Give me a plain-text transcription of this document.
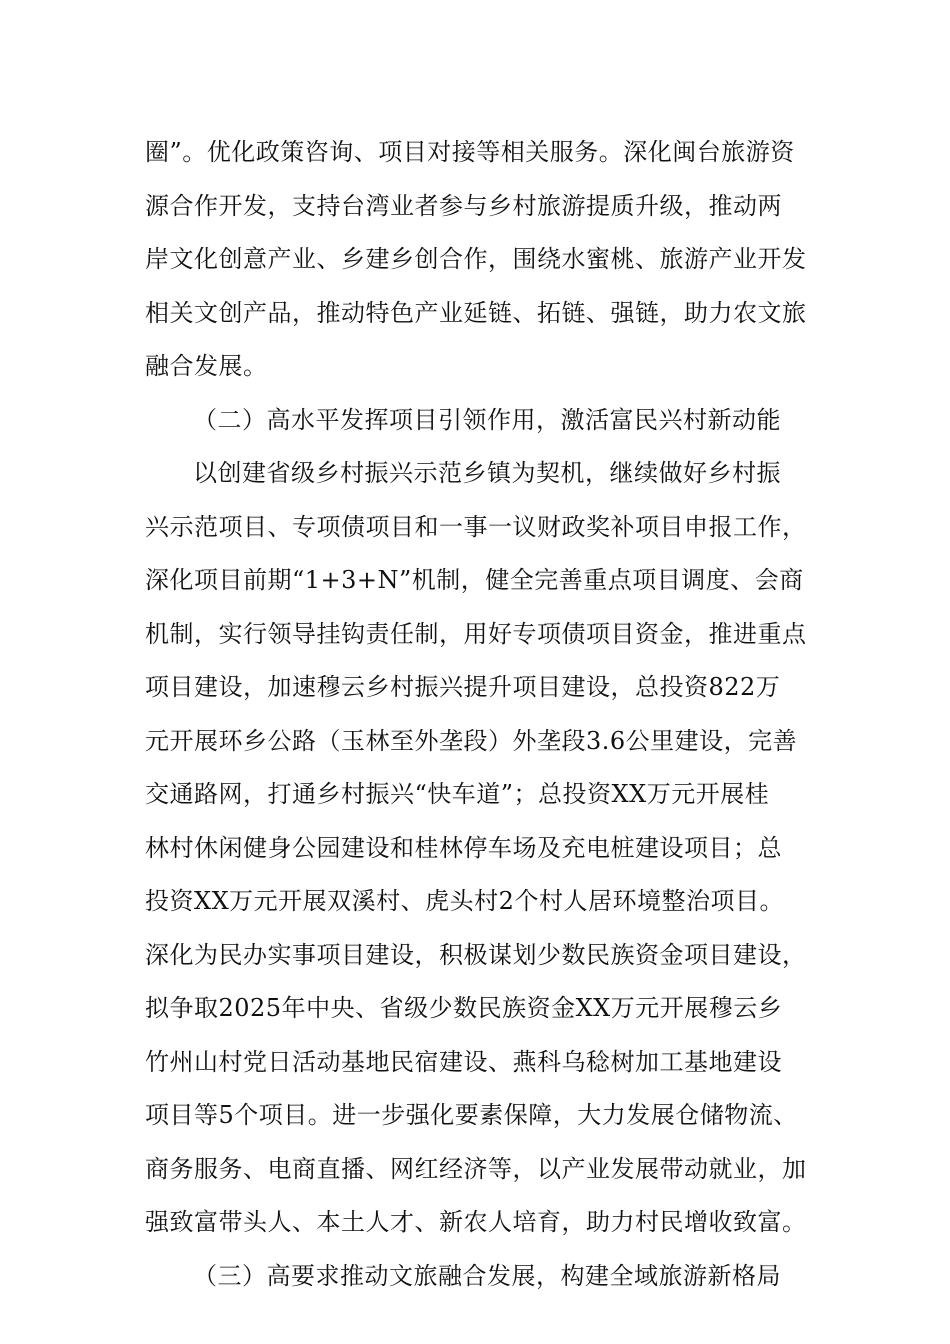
圈”。优化政策咨询、项目对接等相关服务。深化闽台旅游资
源合作开发，支持台湾业者参与乡村旅游提质升级，推动两
岸文化创意产业、乡建乡创合作，围绕水蜜桃、旅游产业开发
相关文创产品，推动特色产业延链、拓链、强链，助力农文旅
融合发展。
（二）高水平发挥项目引领作用，激活富民兴村新动能
以创建省级乡村振兴示范乡镇为契机，继续做好乡村振
兴示范项目、专项债项目和一事一议财政奖补项目申报工作，
深化项目前期“1+3+N”机制，健全完善重点项目调度、会商
机制，实行领导挂钩责任制，用好专项债项目资金，推进重点
项目建设，加速穆云乡村振兴提升项目建设，总投资822万
元开展环乡公路（玉林至外垄段）外垄段3.6公里建设，完善
交通路网，打通乡村振兴“快车道”；总投资XX万元开展桂
林村休闲健身公园建设和桂林停车场及充电桩建设项目；总
投资XX万元开展双溪村、虎头村2个村人居环境整治项目。
深化为民办实事项目建设，积极谋划少数民族资金项目建设，
拟争取2025年中央、省级少数民族资金XX万元开展穆云乡
竹州山村党日活动基地民宿建设、燕科乌稔树加工基地建设
项目等5个项目。进一步强化要素保障，大力发展仓储物流、
商务服务、电商直播、网红经济等，以产业发展带动就业，加
强致富带头人、本土人才、新农人培育，助力村民增收致富。
（三）高要求推动文旅融合发展，构建全域旅游新格局
